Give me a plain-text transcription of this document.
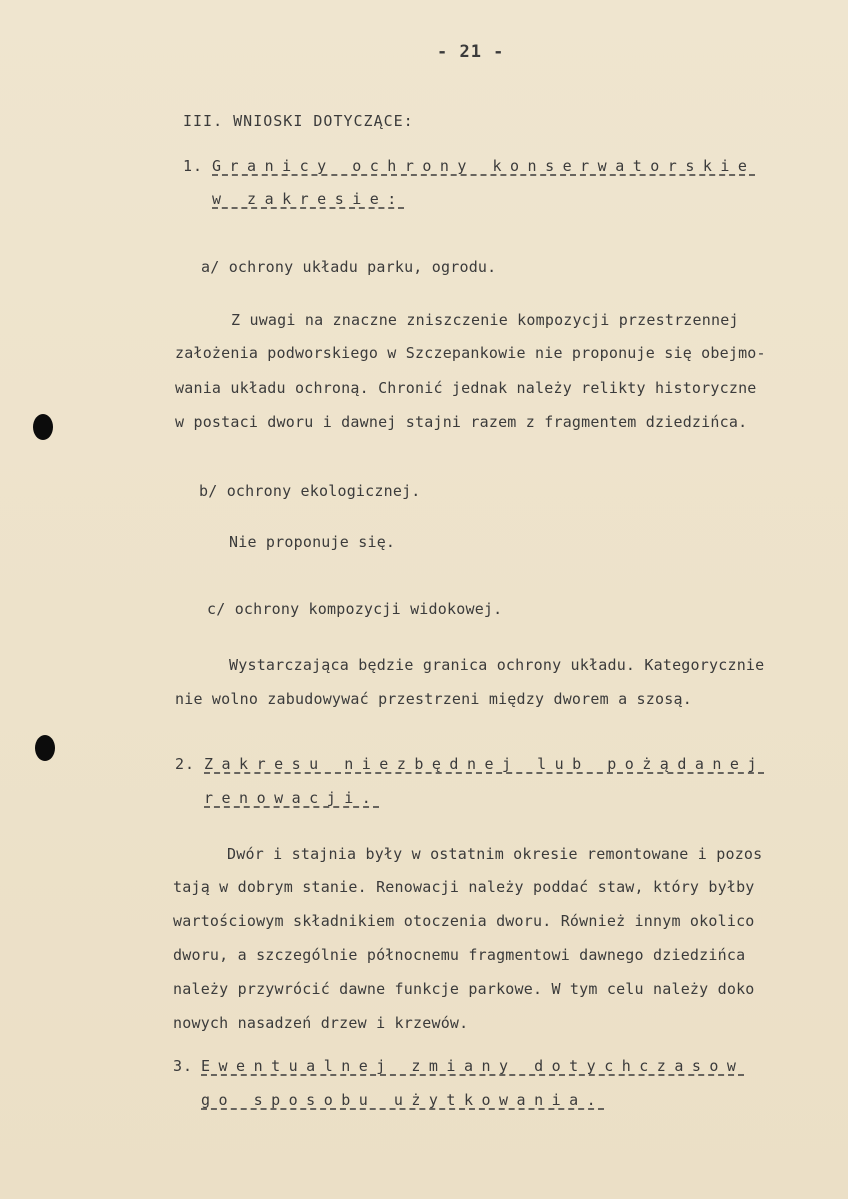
- 21 -
III. WNIOSKI DOTYCZĄCE:
1. Granicy ochrony konserwatorskie
w zakresie:
a/ ochrony układu parku, ogrodu.
Z uwagi na znaczne zniszczenie kompozycji przestrzennej
założenia podworskiego w Szczepankowie nie proponuje się obejmo-
wania układu ochroną. Chronić jednak należy relikty historyczne
w postaci dworu i dawnej stajni razem z fragmentem dziedzińca.
b/ ochrony ekologicznej.
Nie proponuje się.
c/ ochrony kompozycji widokowej.
Wystarczająca będzie granica ochrony układu. Kategorycznie
nie wolno zabudowywać przestrzeni między dworem a szosą.
2. Zakresu niezbędnej lub pożądanej
renowacji.
Dwór i stajnia były w ostatnim okresie remontowane i pozos
tają w dobrym stanie. Renowacji należy poddać staw, który byłby
wartościowym składnikiem otoczenia dworu. Również innym okolico
dworu, a szczególnie północnemu fragmentowi dawnego dziedzińca
należy przywrócić dawne funkcje parkowe. W tym celu należy doko
nowych nasadzeń drzew i krzewów.
3. Ewentualnej zmiany dotychczasow
go sposobu użytkowania.
